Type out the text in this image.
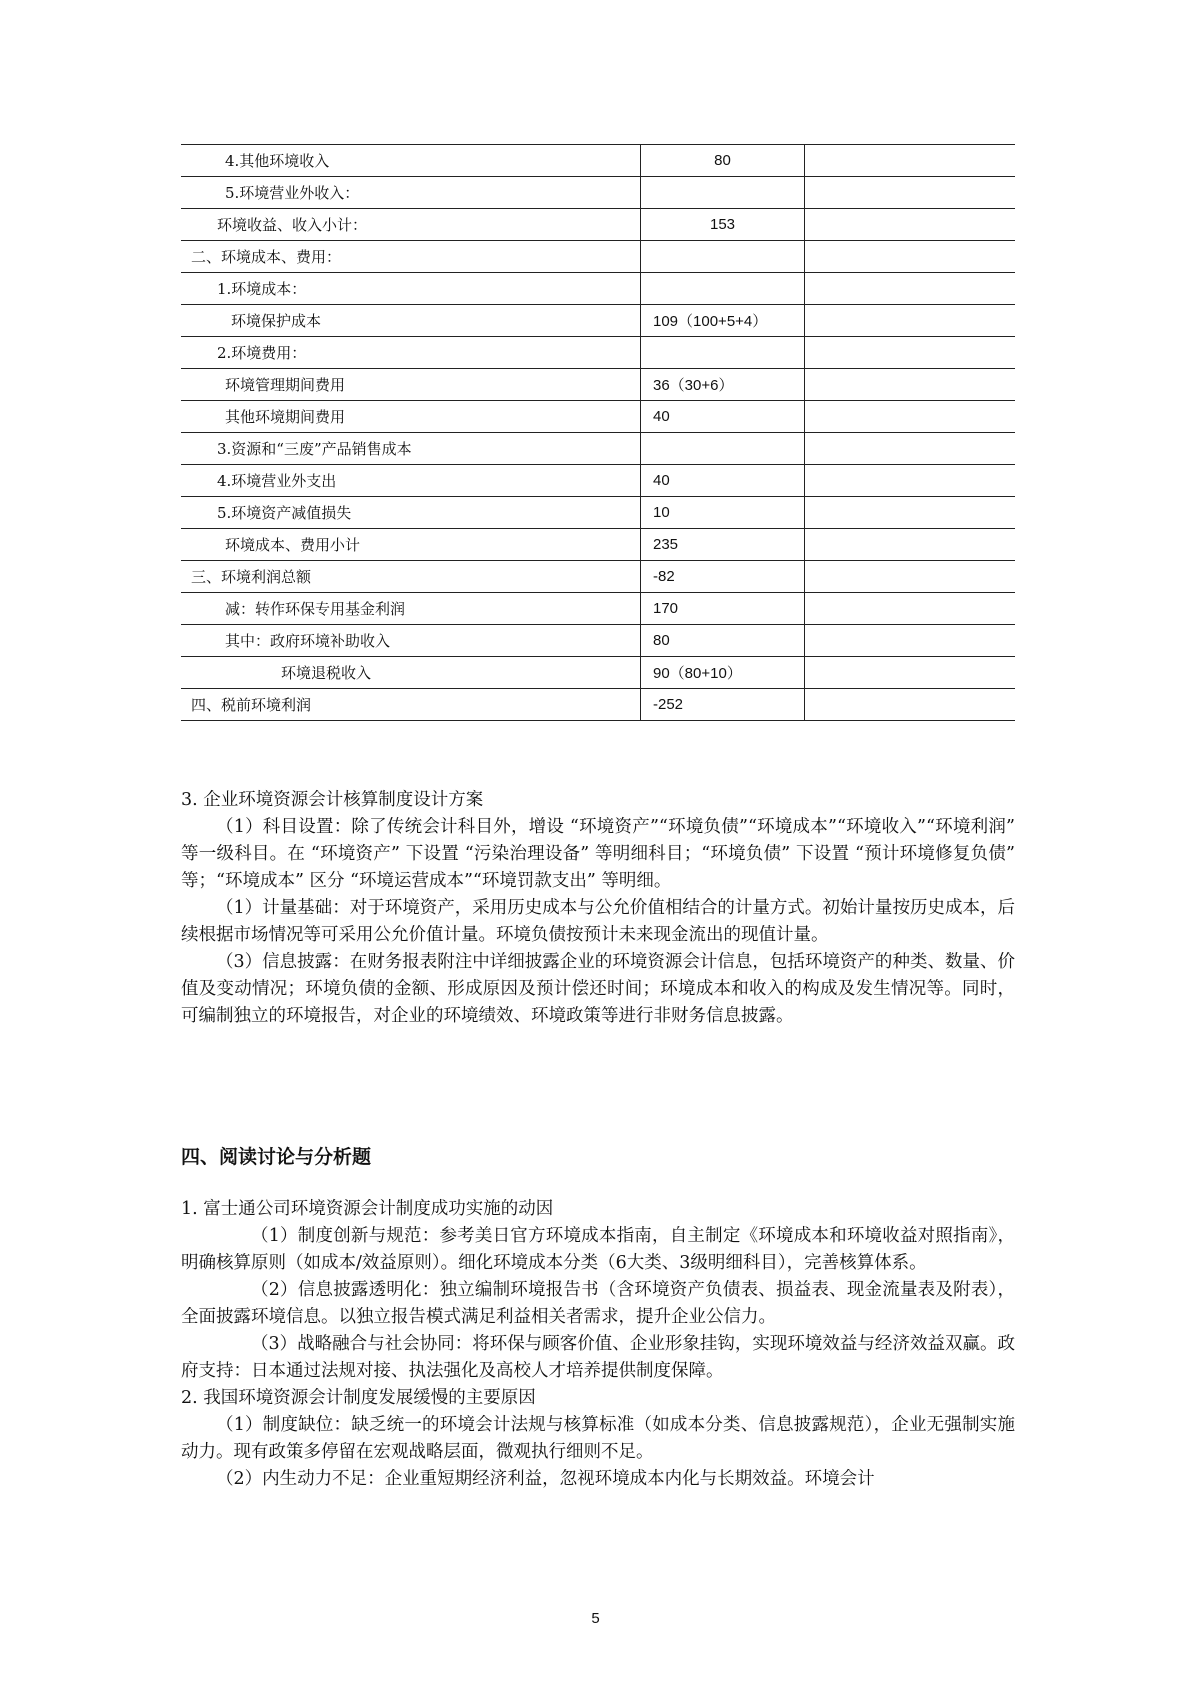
4.其他环境收入	80	
5.环境营业外收入：		
环境收益、收入小计：	153	
二、环境成本、费用：		
1.环境成本：		
环境保护成本	109（100+5+4）	
2.环境费用：		
环境管理期间费用	36（30+6）	
其他环境期间费用	40	
3.资源和“三废”产品销售成本		
4.环境营业外支出	40	
5.环境资产减值损失	10	
环境成本、费用小计	235	
三、环境利润总额	-82	
减：转作环保专用基金利润	170	
其中：政府环境补助收入	80	
环境退税收入	90（80+10）	
四、税前环境利润	-252	

3. 企业环境资源会计核算制度设计方案

（1）科目设置：除了传统会计科目外，增设 “环境资产”“环境负债”“环境成本”“环境收入”“环境利润” 等一级科目。在 “环境资产” 下设置 “污染治理设备” 等明细科目；“环境负债” 下设置 “预计环境修复负债” 等；“环境成本” 区分 “环境运营成本”“环境罚款支出” 等明细。

（1）计量基础：对于环境资产，采用历史成本与公允价值相结合的计量方式。初始计量按历史成本，后续根据市场情况等可采用公允价值计量。环境负债按预计未来现金流出的现值计量。

（3）信息披露：在财务报表附注中详细披露企业的环境资源会计信息，包括环境资产的种类、数量、价值及变动情况；环境负债的金额、形成原因及预计偿还时间；环境成本和收入的构成及发生情况等。同时，可编制独立的环境报告，对企业的环境绩效、环境政策等进行非财务信息披露。

四、阅读讨论与分析题

1. 富士通公司环境资源会计制度成功实施的动因

（1）制度创新与规范：参考美日官方环境成本指南，自主制定《环境成本和环境收益对照指南》，明确核算原则（如成本/效益原则）。细化环境成本分类（6大类、3级明细科目），完善核算体系。

（2）信息披露透明化：独立编制环境报告书（含环境资产负债表、损益表、现金流量表及附表），全面披露环境信息。以独立报告模式满足利益相关者需求，提升企业公信力。

（3）战略融合与社会协同：将环保与顾客价值、企业形象挂钩，实现环境效益与经济效益双赢。政府支持：日本通过法规对接、执法强化及高校人才培养提供制度保障。

2. 我国环境资源会计制度发展缓慢的主要原因

（1）制度缺位：缺乏统一的环境会计法规与核算标准（如成本分类、信息披露规范），企业无强制实施动力。现有政策多停留在宏观战略层面，微观执行细则不足。

（2）内生动力不足：企业重短期经济利益，忽视环境成本内化与长期效益。环境会计

5
